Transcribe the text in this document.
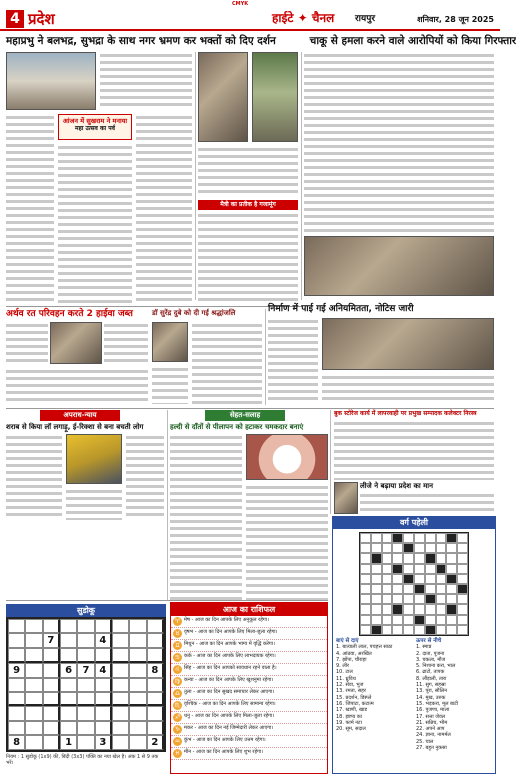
CMYK
4 प्रदेश	हाईटे ✦ चैनल रायपुर	शनिवार, 28 जून 2025
महाप्रभु ने बलभद्र, सुभद्रा के साथ नगर भ्रमण कर भक्तों को दिए दर्शन	चाकू से हमला करने वाले आरोपियों को किया गिरफ्तार
आंजन में सुखराम ने मनाया
महा उत्सव का पर्व
मैत्री का प्रतीक है गजामूंग
अर्थव रत परिवहन करते 2 हाईवा जब्त	डॉ सुरेंद्र दुबे को दी गई श्रद्धांजलि	निर्माण में पाई गई अनियमितता, नोटिस जारी
अपराध-न्याय
शराब से किया लॉ लगाड़ू, ई-रिक्शा से बना बचती लोग
सेहत-सलाह
हल्दी से दाँतों से पीलापन को हटाकर चमकदार बनाएं
बुक स्टोरेज कार्य में लापरवाही पर प्रभुख सम्पादक कलेक्टर निरस्त्र
लीजे ने बढ़ाया प्रदेश का मान
सुडोकू
7	4
9	6	7 4	8
8	1	3	2
नियम : 1 सुडोकू (1x9) की, बिंदी (3x3) पंक्ति का नया खेल है। अंक 1 से 9 तक भरें।
आज का राशिफल
♈ मेष - आज का दिन आपके लिए अनुकूल रहेगा।
♉ वृषभ - आज का दिन आपके लिए मिला-जुला रहेगा।
♊ मिथुन - आज का दिन आपके भाग्य में वृद्धि करेगा।
♋ कर्क - आज का दिन आपके लिए लाभदायक रहेगा।
♌ सिंह - आज का दिन आपको सावधान रहने वाला है।
♍ कन्या - आज का दिन आपके लिए खुशनुमा रहेगा।
♎ तुला - आज का दिन सुखद समाचार लेकर आएगा।
♏ वृश्चिक - आज का दिन आपके लिए सामान्य रहेगा।
♐ धनु - आज का दिन आपके लिए मिला-जुला रहेगा।
♑ मकर - आज का दिन नई जिम्मेदारी लेकर आएगा।
♒ कुंभ - आज का दिन आपके लिए उत्तम रहेगा।
♓ मीन - आज का दिन आपके लिए शुभ रहेगा।
वर्ग पहेली
बाएं से दाएं
1. बात्याली लाल, पचहत्त साठा
4. आंठवा, अरखित
7. झोंपा, चौराहा
9. लीर
10. टाल
11. ध्रुविध
12. सेवा, भुज
13. रमता, सहर
15. प्रदर्शन, डिस्प्ले
16. जिपाटा, कटात्म
17. खाणी, खाड
18. इष्टप्य का
19. फार्म नटा
20. सूम, सदाल
ऊपर से नीचे
1. स्माप्र
2. दाता, पूजना
3. चकला, मौज
5. निशाना करा, भाल
6. ढाटो, तापक
8. लौंड़ाली, तारा
11. सुग, सहस्रा
13. पूरा, सौलिन
14. मुख, उरुक
15. भड़करा, मूल बाटी
16. पुजणा, माला
17. सत्ता जेवल
21. सन्निच, भीम
22. अपने आप
24. ज्ञाना, नामर्मल
25. चाल
27. बहुत नुकसा
